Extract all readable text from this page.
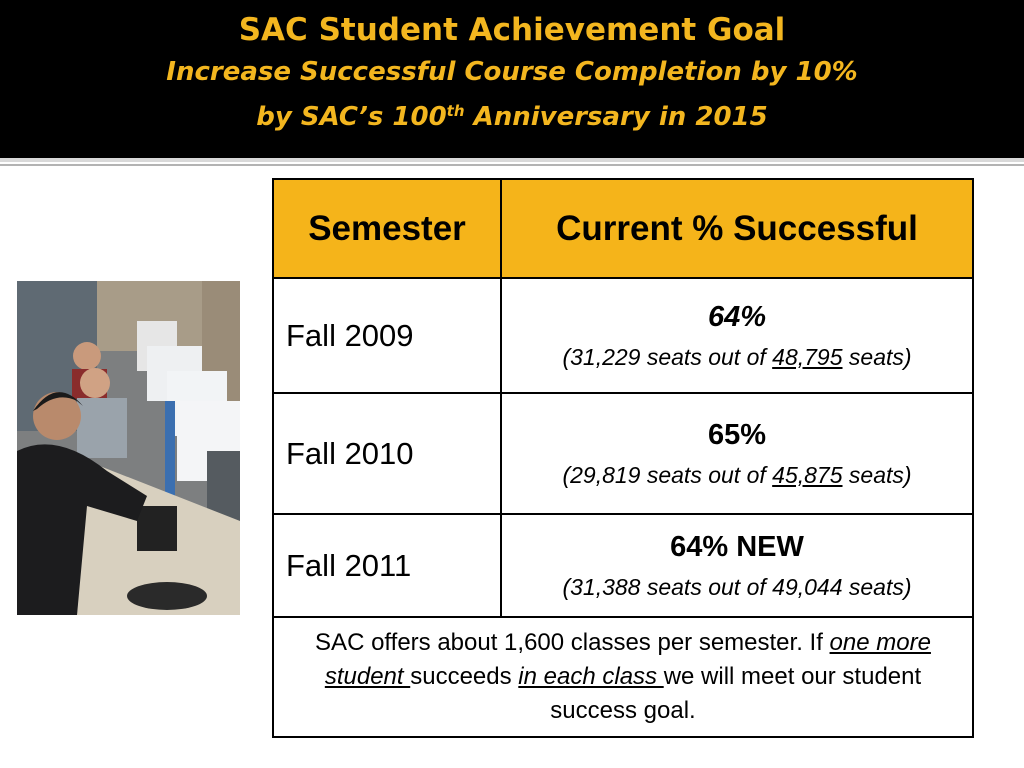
SAC Student Achievement Goal
Increase Successful Course Completion by 10%
by SAC’s 100th Anniversary in 2015
Semester	Current % Successful
Fall 2009	64%
(31,229 seats out of 48,795 seats)

Fall 2010	65%
(29,819 seats out of 45,875 seats)

Fall 2011	64% NEW
(31,388 seats out of 49,044 seats)

SAC offers about 1,600 classes per semester. If one more student succeeds in each class we will meet our student success goal.	
